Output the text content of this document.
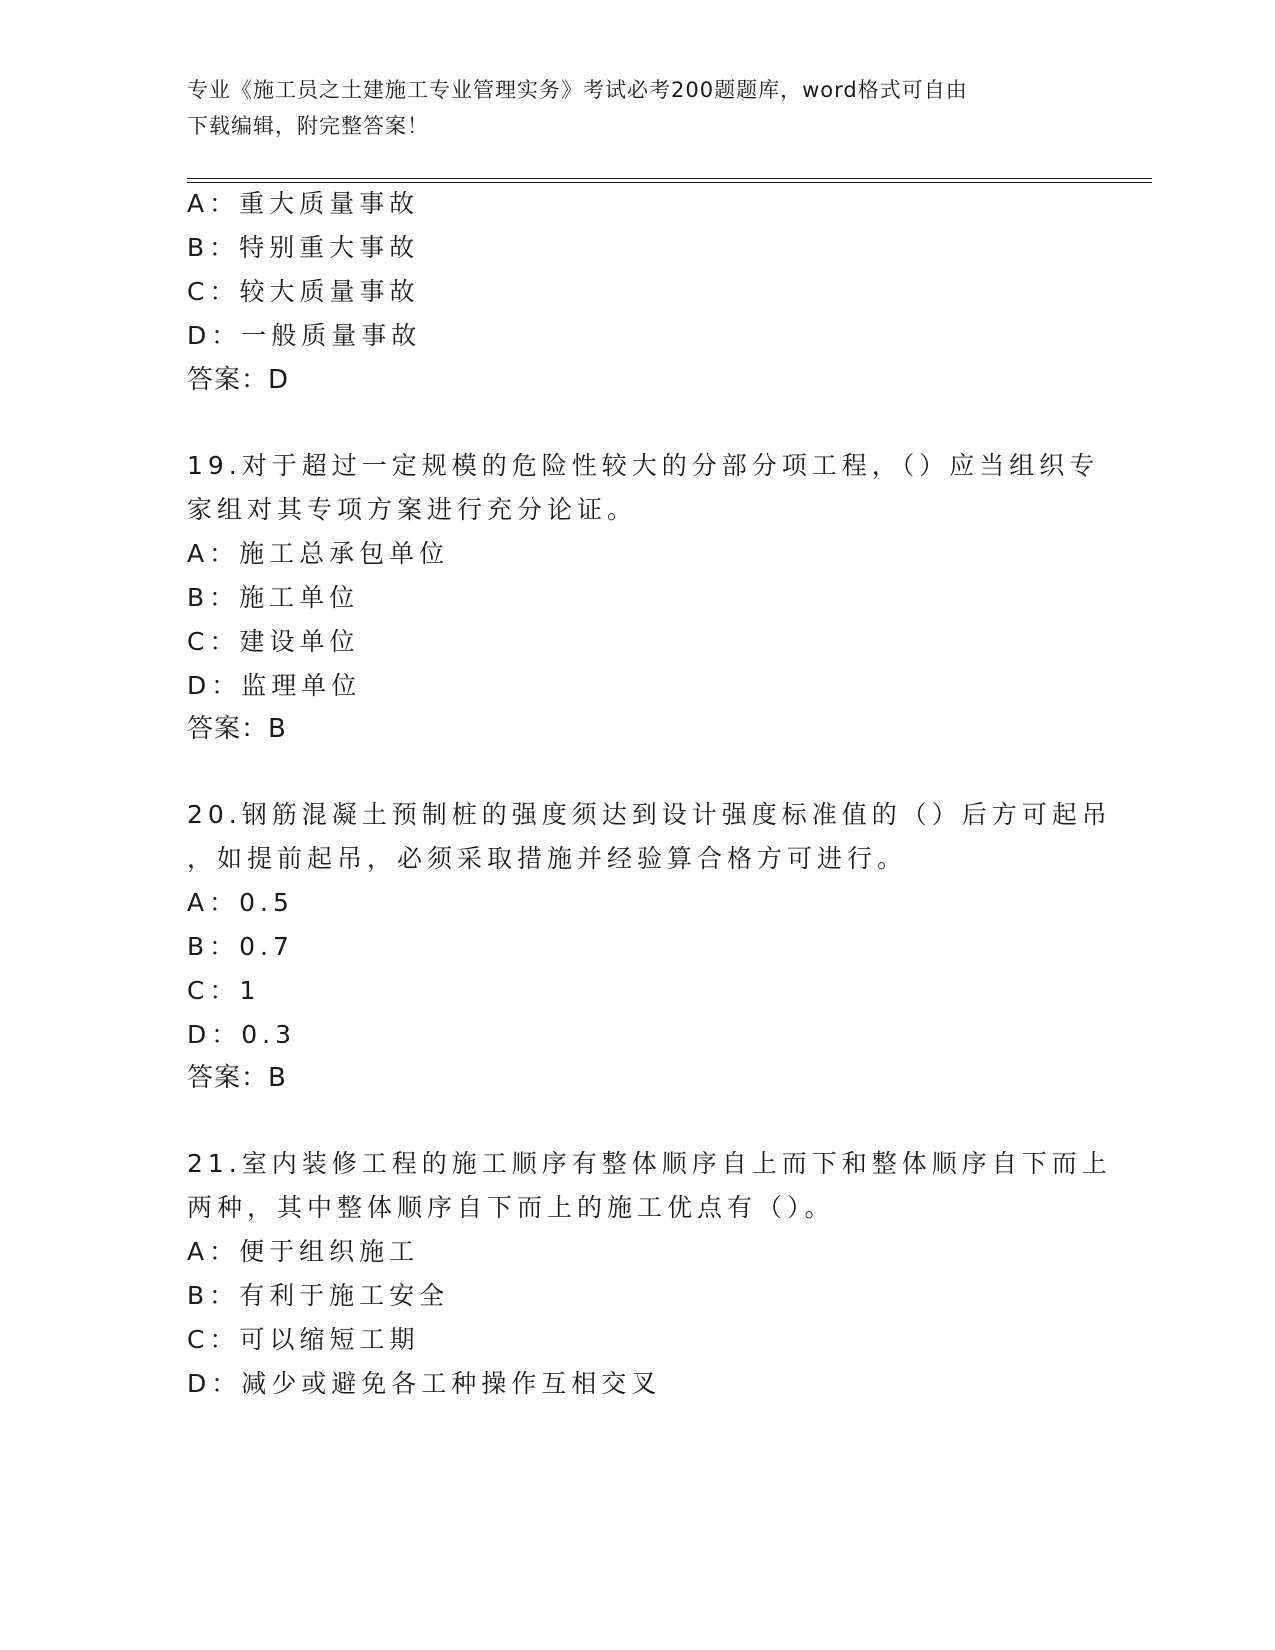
专业《施工员之土建施工专业管理实务》考试必考200题题库，word格式可自由
下载编辑，附完整答案！
A：重大质量事故
B：特别重大事故
C：较大质量事故
D：一般质量事故
答案：D
19.对于超过一定规模的危险性较大的分部分项工程，（）应当组织专
家组对其专项方案进行充分论证。
A：施工总承包单位
B：施工单位
C：建设单位
D：监理单位
答案：B
20.钢筋混凝土预制桩的强度须达到设计强度标准值的（）后方可起吊
，如提前起吊，必须采取措施并经验算合格方可进行。
A：0.5
B：0.7
C：1
D：0.3
答案：B
21.室内装修工程的施工顺序有整体顺序自上而下和整体顺序自下而上
两种，其中整体顺序自下而上的施工优点有（）。
A：便于组织施工
B：有利于施工安全
C：可以缩短工期
D：减少或避免各工种操作互相交叉
